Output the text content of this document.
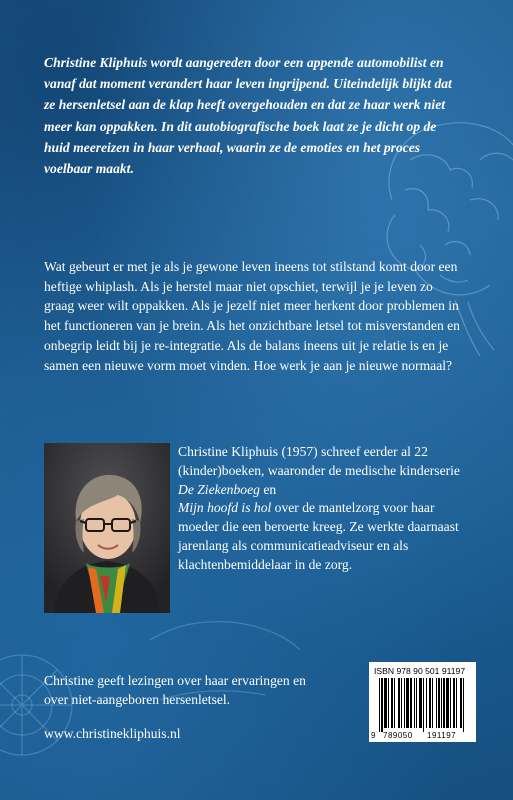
Christine Kliphuis wordt aangereden door een appende automobilist en vanaf dat moment verandert haar leven ingrijpend. Uiteindelijk blijkt dat ze hersenletsel aan de klap heeft overgehouden en dat ze haar werk niet meer kan oppakken. In dit autobiografische boek laat ze je dicht op de huid meereizen in haar verhaal, waarin ze de emoties en het proces voelbaar maakt.

Wat gebeurt er met je als je gewone leven ineens tot stilstand komt door een heftige whiplash. Als je herstel maar niet opschiet, terwijl je je leven zo graag weer wilt oppakken. Als je jezelf niet meer herkent door problemen in het functioneren van je brein. Als het onzichtbare letsel tot misverstanden en onbegrip leidt bij je re-integratie. Als de balans ineens uit je relatie is en je samen een nieuwe vorm moet vinden. Hoe werk je aan je nieuwe normaal?

Christine Kliphuis (1957) schreef eerder al 22 (kinder)boeken, waaronder de medische kinderserie De Ziekenboeg en
Mijn hoofd is hol over de mantelzorg voor haar moeder die een beroerte kreeg. Ze werkte daarnaast jarenlang als communicatieadviseur en als klachtenbemiddelaar in de zorg.

Christine geeft lezingen over haar ervaringen en over niet-aangeboren hersenletsel.

www.christinekliphuis.nl
ISBN 978 90 501 91197
9 789050 191197
